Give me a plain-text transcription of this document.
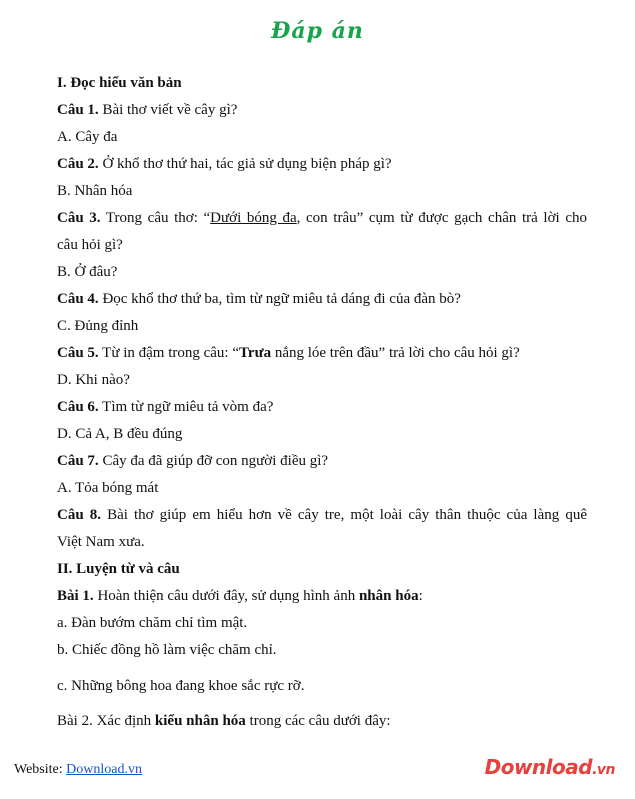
Đáp án
I. Đọc hiểu văn bản
Câu 1. Bài thơ viết về cây gì?
A. Cây đa
Câu 2. Ở khổ thơ thứ hai, tác giả sử dụng biện pháp gì?
B. Nhân hóa
Câu 3. Trong câu thơ: “Dưới bóng đa, con trâu” cụm từ được gạch chân trả lời cho
câu hỏi gì?
B. Ở đâu?
Câu 4. Đọc khổ thơ thứ ba, tìm từ ngữ miêu tả dáng đi của đàn bò?
C. Đủng đỉnh
Câu 5. Từ in đậm trong câu: “Trưa nắng lóe trên đầu” trả lời cho câu hỏi gì?
D. Khi nào?
Câu 6. Tìm từ ngữ miêu tả vòm đa?
D. Cả A, B đều đúng
Câu 7. Cây đa đã giúp đỡ con người điều gì?
A. Tỏa bóng mát
Câu 8. Bài thơ giúp em hiểu hơn về cây tre, một loài cây thân thuộc của làng quê
Việt Nam xưa.
II. Luyện từ và câu
Bài 1. Hoàn thiện câu dưới đây, sử dụng hình ảnh nhân hóa:
a. Đàn bướm chăm chỉ tìm mật.
b. Chiếc đồng hồ làm việc chăm chỉ.
c. Những bông hoa đang khoe sắc rực rỡ.
Bài 2. Xác định kiểu nhân hóa trong các câu dưới đây:
Website: Download.vn	Download.vn
